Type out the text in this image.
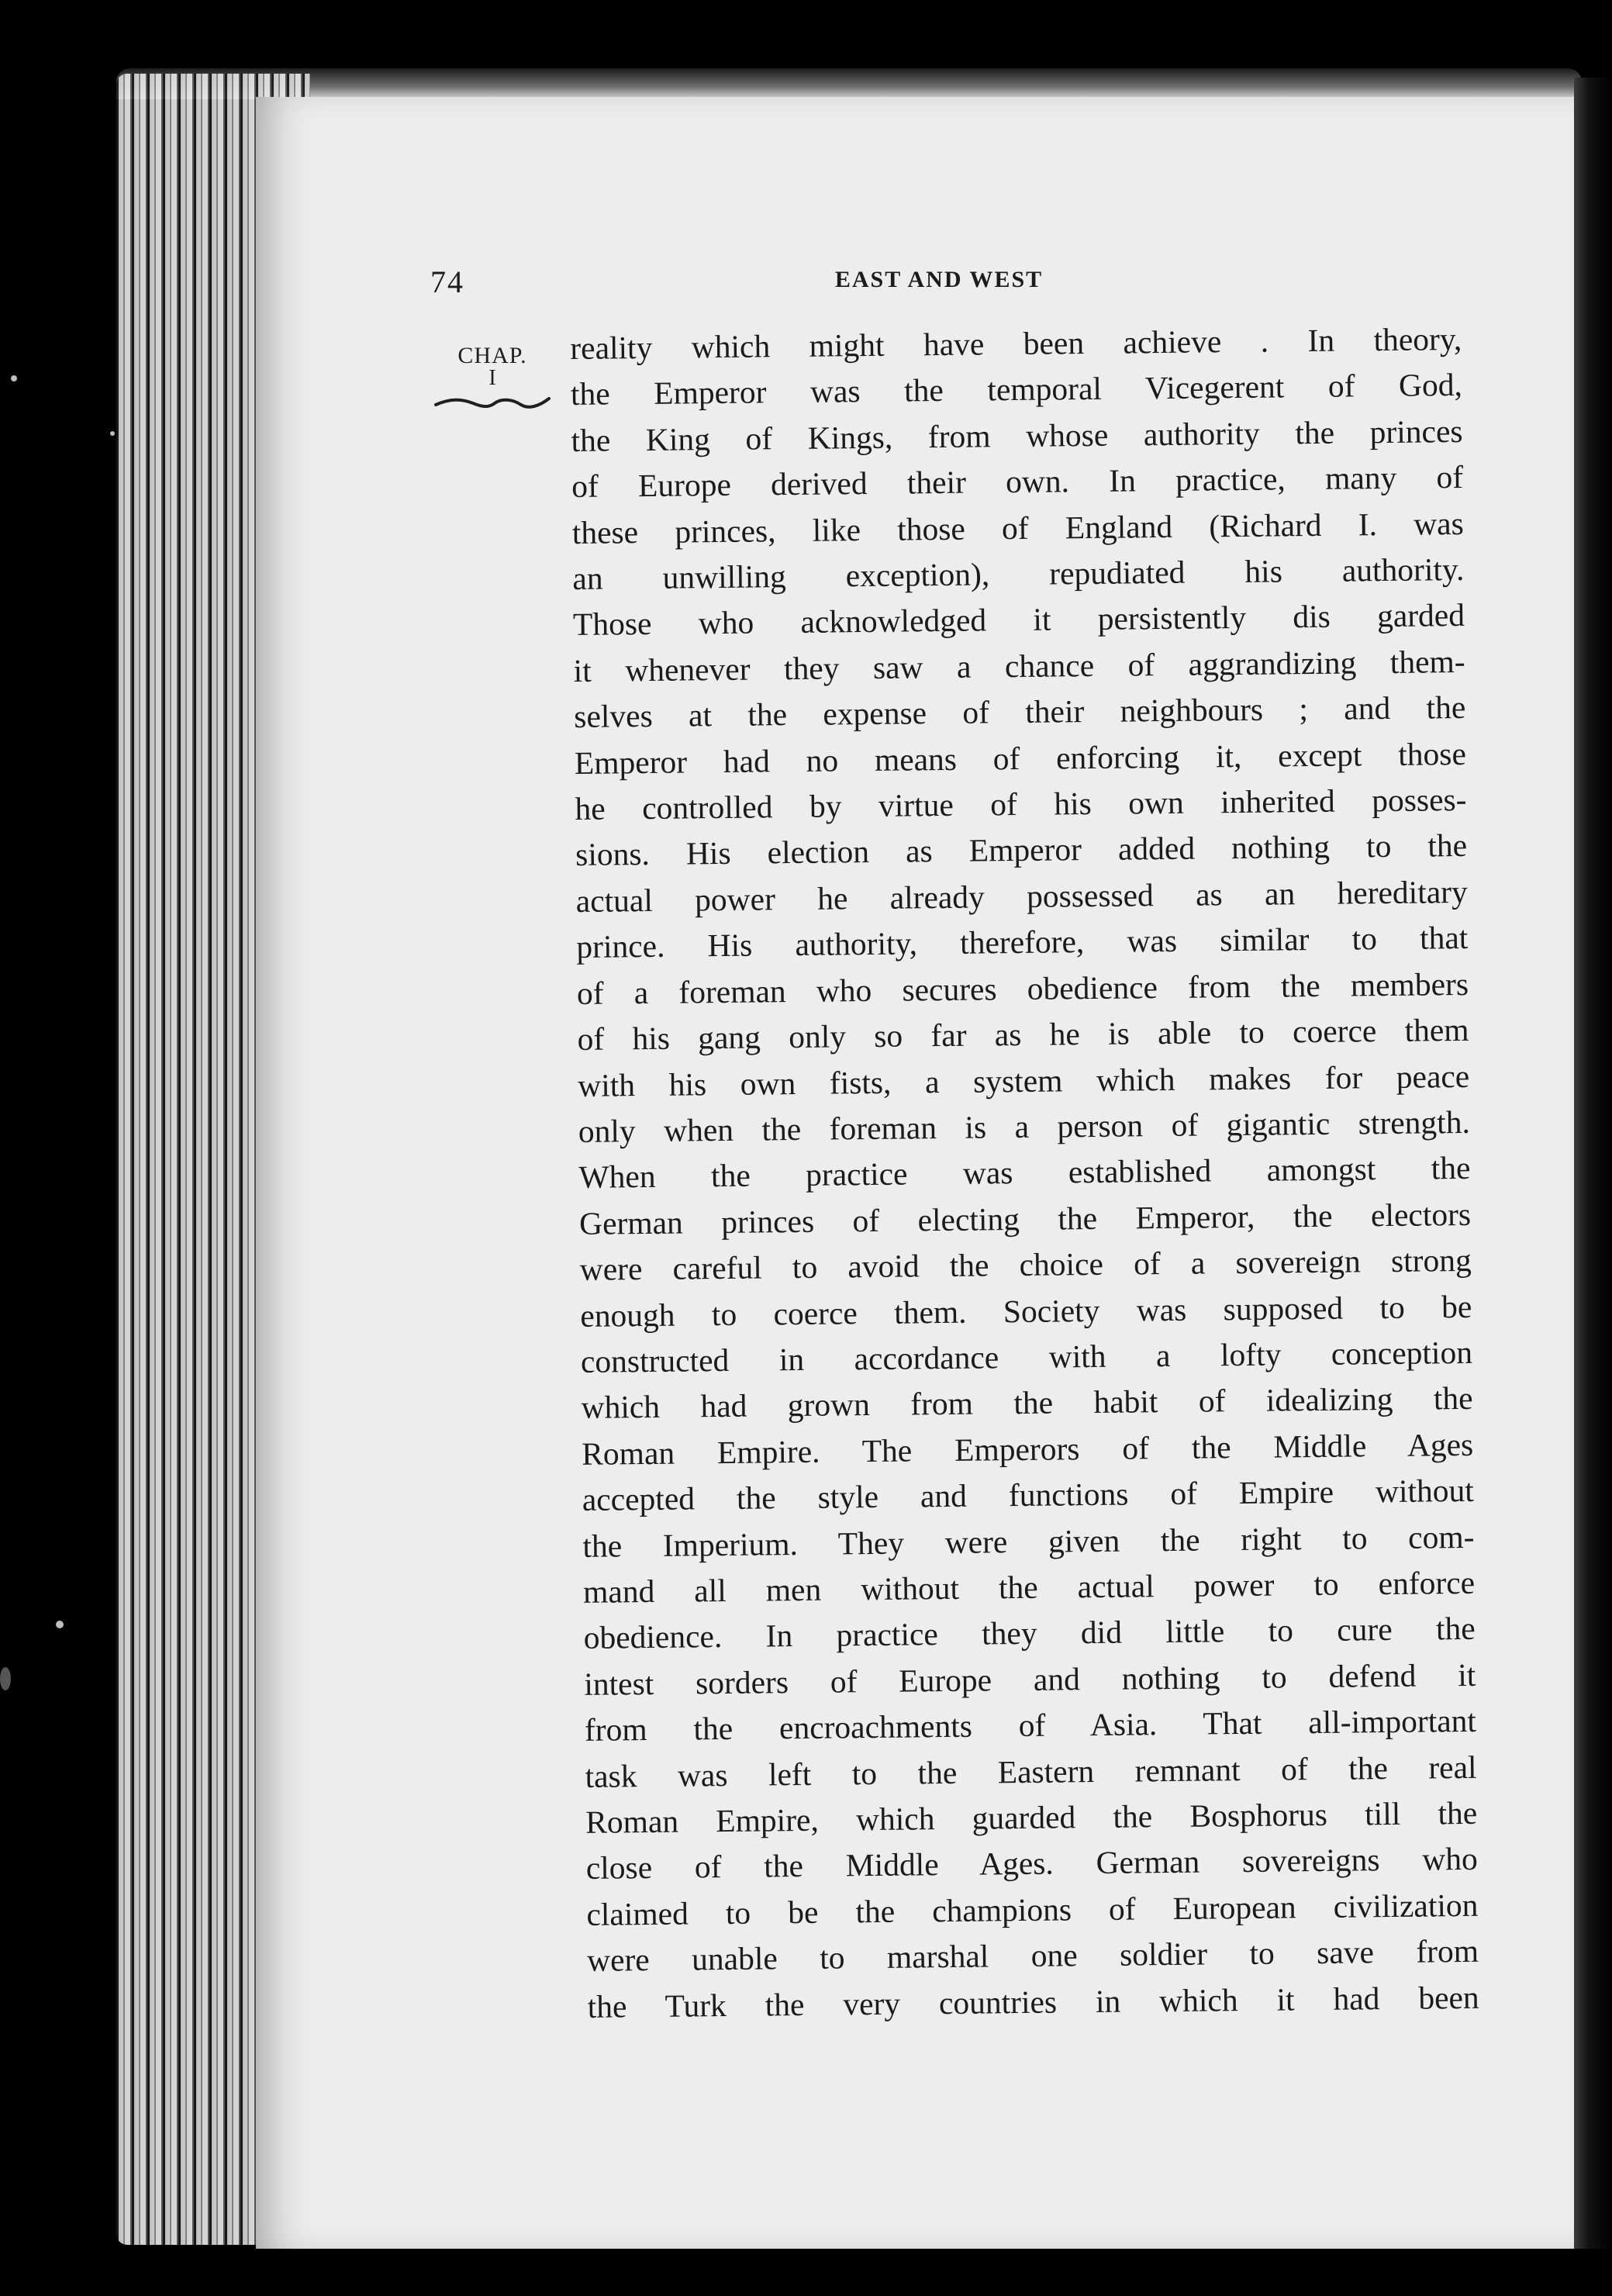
74	EAST AND WEST
CHAP.
I
reality which might have been achieve . In theory,
the Emperor was the temporal Vicegerent of God,
the King of Kings, from whose authority the princes
of Europe derived their own. In practice, many of
these princes, like those of England (Richard I. was
an unwilling exception), repudiated his authority.
Those who acknowledged it persistently dis garded
it whenever they saw a chance of aggrandizing them-
selves at the expense of their neighbours ; and the
Emperor had no means of enforcing it, except those
he controlled by virtue of his own inherited posses-
sions. His election as Emperor added nothing to the
actual power he already possessed as an hereditary
prince. His authority, therefore, was similar to that
of a foreman who secures obedience from the members
of his gang only so far as he is able to coerce them
with his own fists, a system which makes for peace
only when the foreman is a person of gigantic strength.
When the practice was established amongst the
German princes of electing the Emperor, the electors
were careful to avoid the choice of a sovereign strong
enough to coerce them. Society was supposed to be
constructed in accordance with a lofty conception
which had grown from the habit of idealizing the
Roman Empire. The Emperors of the Middle Ages
accepted the style and functions of Empire without
the Imperium. They were given the right to com-
mand all men without the actual power to enforce
obedience. In practice they did little to cure the
intest sorders of Europe and nothing to defend it
from the encroachments of Asia. That all-important
task was left to the Eastern remnant of the real
Roman Empire, which guarded the Bosphorus till the
close of the Middle Ages. German sovereigns who
claimed to be the champions of European civilization
were unable to marshal one soldier to save from
the Turk the very countries in which it had been
